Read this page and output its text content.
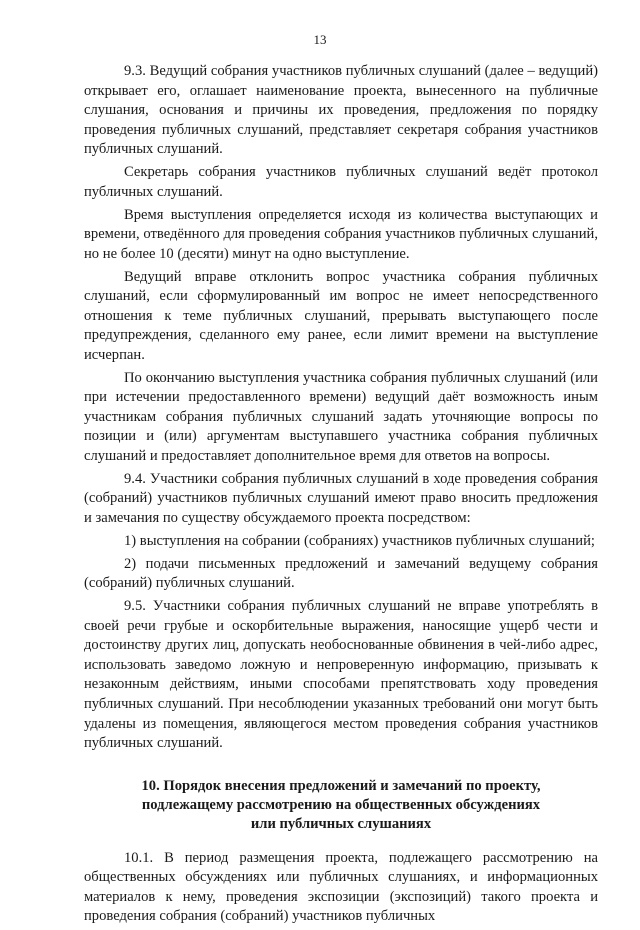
13

9.3. Ведущий собрания участников публичных слушаний (далее – ведущий) открывает его, оглашает наименование проекта, вынесенного на публичные слушания, основания и причины их проведения, предложения по порядку проведения публичных слушаний, представляет секретаря собрания участников публичных слушаний.

Секретарь собрания участников публичных слушаний ведёт протокол публичных слушаний.

Время выступления определяется исходя из количества выступающих и времени, отведённого для проведения собрания участников публичных слушаний, но не более 10 (десяти) минут на одно выступление.

Ведущий вправе отклонить вопрос участника собрания публичных слушаний, если сформулированный им вопрос не имеет непосредственного отношения к теме публичных слушаний, прерывать выступающего после предупреждения, сделанного ему ранее, если лимит времени на выступление исчерпан.

По окончанию выступления участника собрания публичных слушаний (или при истечении предоставленного времени) ведущий даёт возможность иным участникам собрания публичных слушаний задать уточняющие вопросы по позиции и (или) аргументам выступавшего участника собрания публичных слушаний и предоставляет дополнительное время для ответов на вопросы.

9.4. Участники собрания публичных слушаний в ходе проведения собрания (собраний) участников публичных слушаний имеют право вносить предложения и замечания по существу обсуждаемого проекта посредством:

1) выступления на собрании (собраниях) участников публичных слушаний;

2) подачи письменных предложений и замечаний ведущему собрания (собраний) публичных слушаний.

9.5. Участники собрания публичных слушаний не вправе употреблять в своей речи грубые и оскорбительные выражения, наносящие ущерб чести и достоинству других лиц, допускать необоснованные обвинения в чей-либо адрес, использовать заведомо ложную и непроверенную информацию, призывать к незаконным действиям, иными способами препятствовать ходу проведения публичных слушаний. При несоблюдении указанных требований они могут быть удалены из помещения, являющегося местом проведения собрания участников публичных слушаний.

10. Порядок внесения предложений и замечаний по проекту,
подлежащему рассмотрению на общественных обсуждениях
или публичных слушаниях

10.1. В период размещения проекта, подлежащего рассмотрению на общественных обсуждениях или публичных слушаниях, и информационных материалов к нему, проведения экспозиции (экспозиций) такого проекта и проведения собрания (собраний) участников публичных
